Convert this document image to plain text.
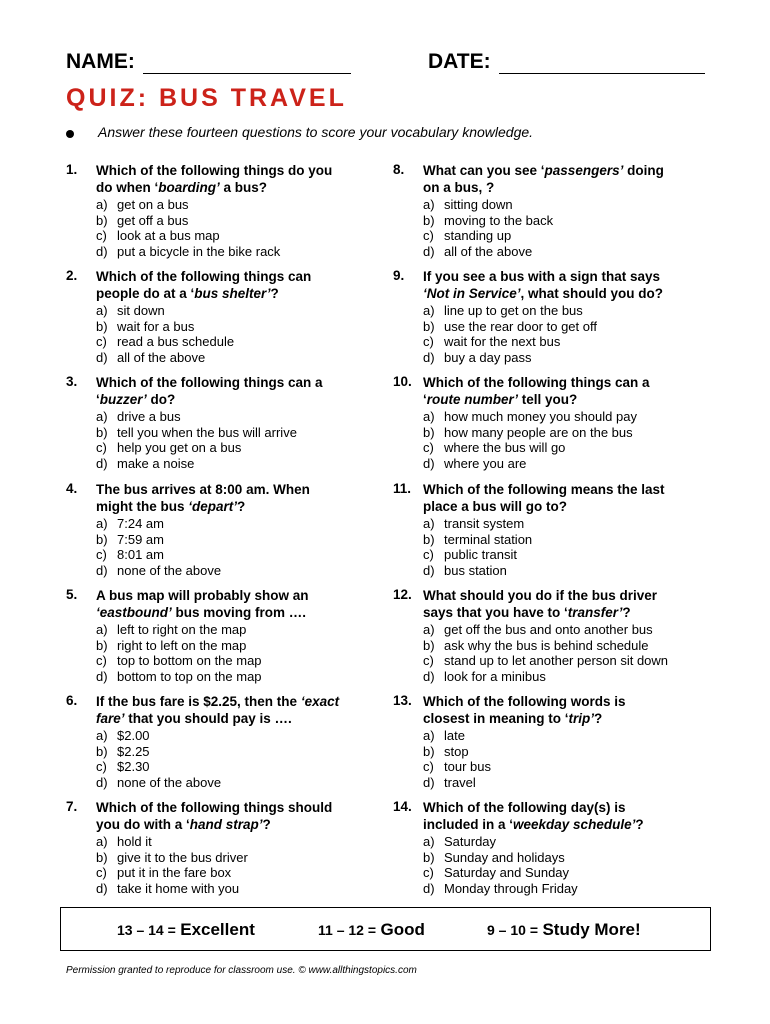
NAME:	DATE:
QUIZ: BUS TRAVEL
Answer these fourteen questions to score your vocabulary knowledge.
1.	Which of the following things do you do when ‘boarding’ a bus?
a) get on a bus
b) get off a bus
c) look at a bus map
d) put a bicycle in the bike rack
2.	Which of the following things can people do at a ‘bus shelter’?
a) sit down
b) wait for a bus
c) read a bus schedule
d) all of the above
3.	Which of the following things can a ‘buzzer’ do?
a) drive a bus
b) tell you when the bus will arrive
c) help you get on a bus
d) make a noise
4.	The bus arrives at 8:00 am. When might the bus ‘depart’?
a) 7:24 am
b) 7:59 am
c) 8:01 am
d) none of the above
5.	A bus map will probably show an ‘eastbound’ bus moving from ….
a) left to right on the map
b) right to left on the map
c) top to bottom on the map
d) bottom to top on the map
6.	If the bus fare is $2.25, then the ‘exact fare’ that you should pay is ….
a) $2.00
b) $2.25
c) $2.30
d) none of the above
7.	Which of the following things should you do with a ‘hand strap’?
a) hold it
b) give it to the bus driver
c) put it in the fare box
d) take it home with you
8.	What can you see ‘passengers’ doing on a bus, ?
a) sitting down
b) moving to the back
c) standing up
d) all of the above
9.	If you see a bus with a sign that says ‘Not in Service’, what should you do?
a) line up to get on the bus
b) use the rear door to get off
c) wait for the next bus
d) buy a day pass
10. Which of the following things can a ‘route number’ tell you?
a) how much money you should pay
b) how many people are on the bus
c) where the bus will go
d) where you are
11. Which of the following means the last place a bus will go to?
a) transit system
b) terminal station
c) public transit
d) bus station
12. What should you do if the bus driver says that you have to ‘transfer’?
a) get off the bus and onto another bus
b) ask why the bus is behind schedule
c) stand up to let another person sit down
d) look for a minibus
13. Which of the following words is closest in meaning to ‘trip’?
a) late
b) stop
c) tour bus
d) travel
14. Which of the following day(s) is included in a ‘weekday schedule’?
a) Saturday
b) Sunday and holidays
c) Saturday and Sunday
d) Monday through Friday
13 – 14 = Excellent	11 – 12 = Good	9 – 10 = Study More!
Permission granted to reproduce for classroom use. © www.allthingstopics.com
